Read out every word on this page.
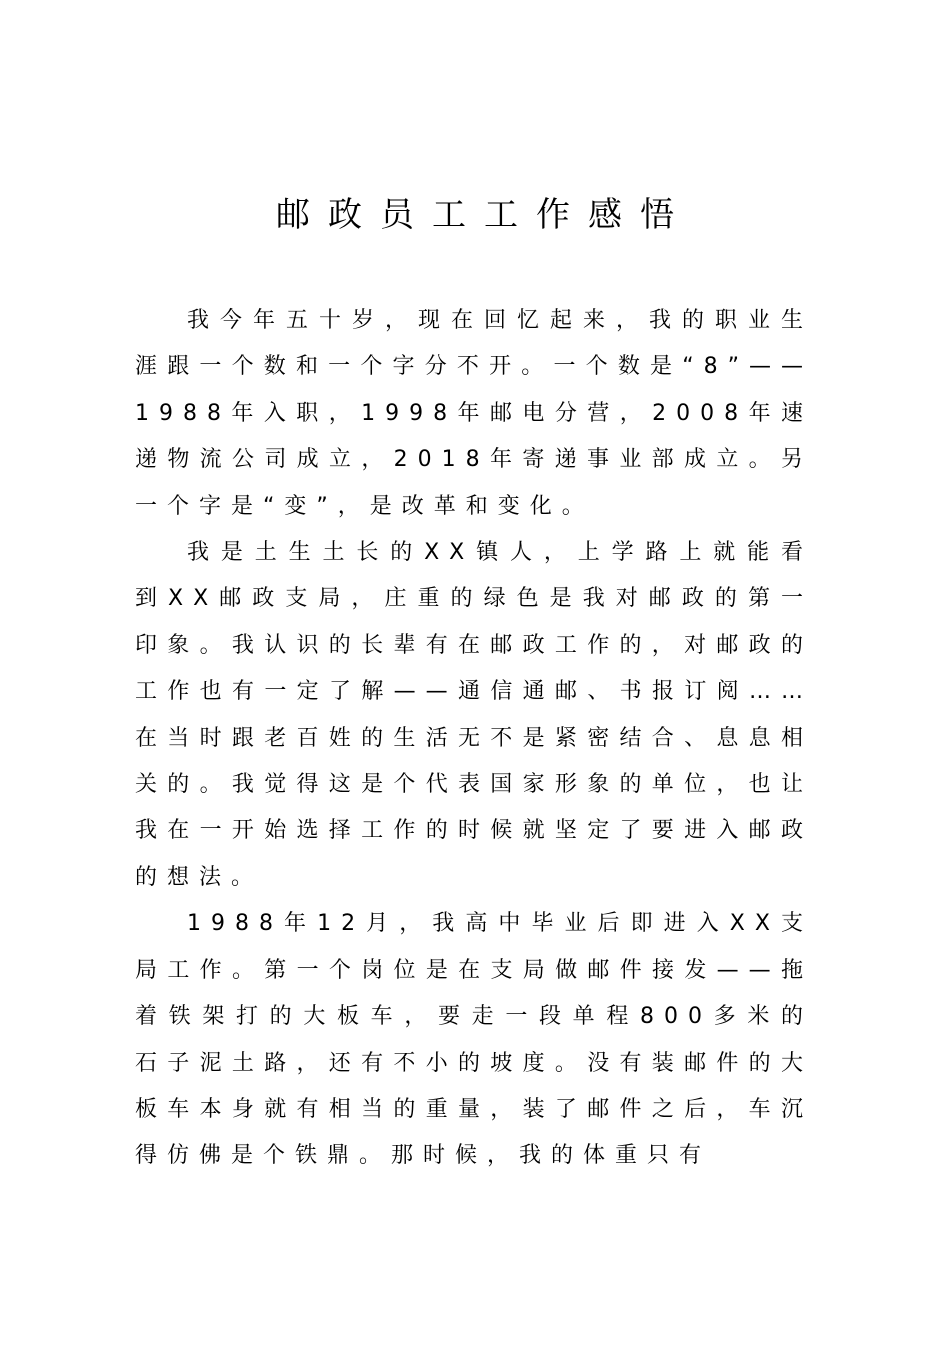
邮政员工工作感悟

我今年五十岁，现在回忆起来，我的职业生涯跟一个数和一个字分不开。一个数是“8”——1988年入职，1998年邮电分营，2008年速递物流公司成立，2018年寄递事业部成立。另一个字是“变”，是改革和变化。

我是土生土长的XX镇人，上学路上就能看到XX邮政支局，庄重的绿色是我对邮政的第一印象。我认识的长辈有在邮政工作的，对邮政的工作也有一定了解——通信通邮、书报订阅……在当时跟老百姓的生活无不是紧密结合、息息相关的。我觉得这是个代表国家形象的单位，也让我在一开始选择工作的时候就坚定了要进入邮政的想法。

1988年12月，我高中毕业后即进入XX支局工作。第一个岗位是在支局做邮件接发——拖着铁架打的大板车，要走一段单程800多米的石子泥土路，还有不小的坡度。没有装邮件的大板车本身就有相当的重量，装了邮件之后，车沉得仿佛是个铁鼎。那时候，我的体重只有
